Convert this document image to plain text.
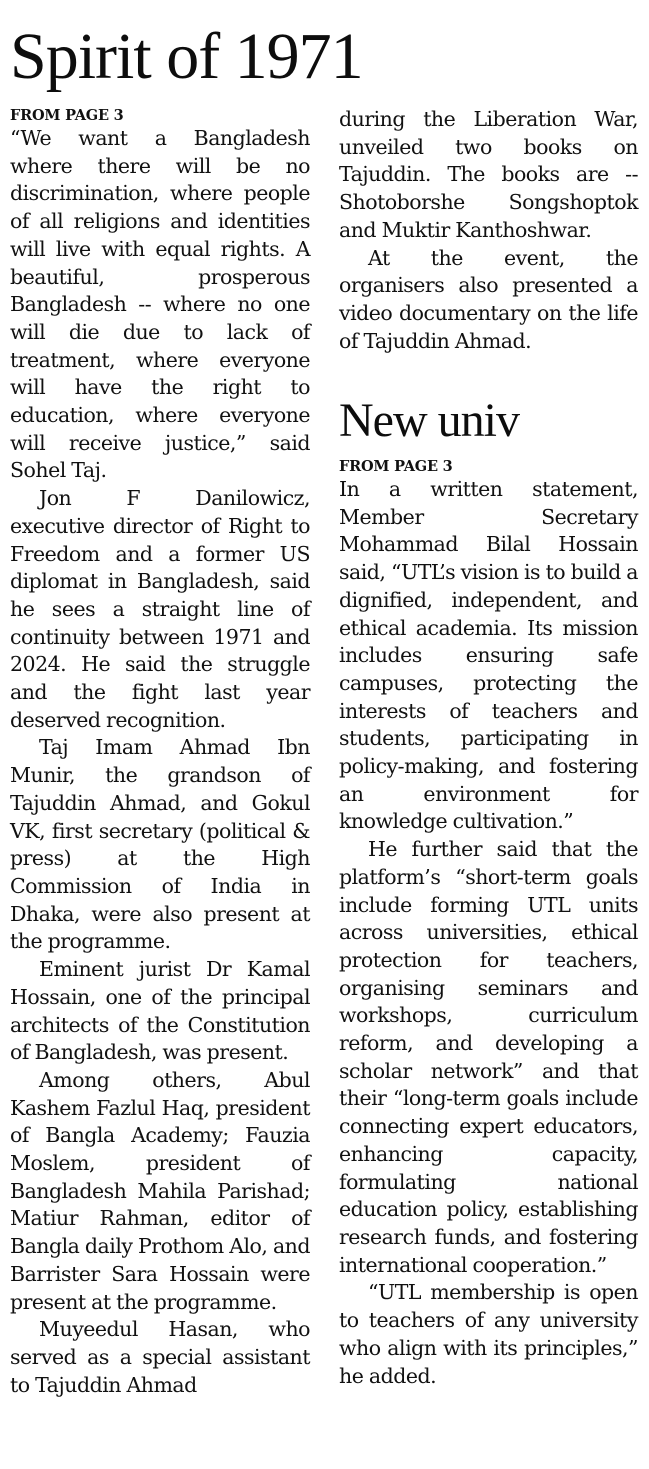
Spirit of 1971
FROM PAGE 3

“We want a Bangladesh where there will be no discrimination, where people of all religions and identities will live with equal rights. A beautiful, prosperous Bangladesh -- where no one will die due to lack of treatment, where everyone will have the right to education, where everyone will receive justice,” said Sohel Taj.

Jon F Danilowicz, executive director of Right to Freedom and a former US diplomat in Bangladesh, said he sees a straight line of continuity between 1971 and 2024. He said the struggle and the fight last year deserved recognition.

Taj Imam Ahmad Ibn Munir, the grandson of Tajuddin Ahmad, and Gokul VK, first secretary (political & press) at the High Commission of India in Dhaka, were also present at the programme.

Eminent jurist Dr Kamal Hossain, one of the principal architects of the Constitution of Bangladesh, was present.

Among others, Abul Kashem Fazlul Haq, president of Bangla Academy; Fauzia Moslem, president of Bangladesh Mahila Parishad; Matiur Rahman, editor of Bangla daily Prothom Alo, and Barrister Sara Hossain were present at the programme.

Muyeedul Hasan, who served as a special assistant to Tajuddin Ahmad

during the Liberation War, unveiled two books on Tajuddin. The books are -- Shotoborshe Songshoptok and Muktir Kanthoshwar.

At the event, the organisers also presented a video documentary on the life of Tajuddin Ahmad.

New univ
FROM PAGE 3

In a written statement, Member Secretary Mohammad Bilal Hossain said, “UTL’s vision is to build a dignified, independent, and ethical academia. Its mission includes ensuring safe campuses, protecting the interests of teachers and students, participating in policy-making, and fostering an environment for knowledge cultivation.”

He further said that the platform’s “short-term goals include forming UTL units across universities, ethical protection for teachers, organising seminars and workshops, curriculum reform, and developing a scholar network” and that their “long-term goals include connecting expert educators, enhancing capacity, formulating national education policy, establishing research funds, and fostering international cooperation.”

“UTL membership is open to teachers of any university who align with its principles,” he added.
